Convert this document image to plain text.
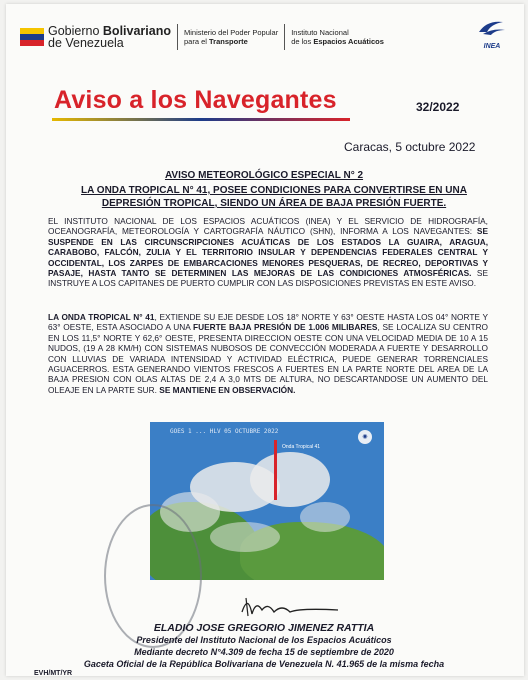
Gobierno Bolivariano
de Venezuela
Ministerio del Poder Popular
para el Transporte
Instituto Nacional
de los Espacios Acuáticos
INEA
Aviso a los Navegantes	32/2022
Caracas, 5 octubre 2022
AVISO METEOROLÓGICO ESPECIAL N° 2
LA ONDA TROPICAL N° 41, POSEE CONDICIONES PARA CONVERTIRSE EN UNA DEPRESIÓN TROPICAL, SIENDO UN ÁREA DE BAJA PRESIÓN FUERTE.
EL INSTITUTO NACIONAL DE LOS ESPACIOS ACUÁTICOS (INEA) Y EL SERVICIO DE HIDROGRAFÍA, OCEANOGRAFÍA, METEOROLOGÍA Y CARTOGRAFÍA NÁUTICO (SHN), INFORMA A LOS NAVEGANTES: SE SUSPENDE EN LAS CIRCUNSCRIPCIONES ACUÁTICAS DE LOS ESTADOS LA GUAIRA, ARAGUA, CARABOBO, FALCÓN, ZULIA Y EL TERRITORIO INSULAR Y DEPENDENCIAS FEDERALES CENTRAL Y OCCIDENTAL, LOS ZARPES DE EMBARCACIONES MENORES PESQUERAS, DE RECREO, DEPORTIVAS Y PASAJE, HASTA TANTO SE DETERMINEN LAS MEJORAS DE LAS CONDICIONES ATMOSFÉRICAS. SE INSTRUYE A LOS CAPITANES DE PUERTO CUMPLIR CON LAS DISPOSICIONES PREVISTAS EN ESTE AVISO.
LA ONDA TROPICAL N° 41, EXTIENDE SU EJE DESDE LOS 18° NORTE Y 63° OESTE HASTA LOS 04° NORTE Y 63° OESTE, ESTA ASOCIADO A UNA FUERTE BAJA PRESIÓN DE 1.006 MILIBARES, SE LOCALIZA SU CENTRO EN LOS 11,5° NORTE Y 62,6° OESTE, PRESENTA DIRECCION OESTE CON UNA VELOCIDAD MEDIA DE 10 A 15 NUDOS, (19 A 28 KM/H) CON SISTEMAS NUBOSOS DE CONVECCIÓN MODERADA A FUERTE Y DESARROLLO CON LLUVIAS DE VARIADA INTENSIDAD Y ACTIVIDAD ELÉCTRICA, PUEDE GENERAR TORRENCIALES AGUACERROS. ESTA GENERANDO VIENTOS FRESCOS A FUERTES EN LA PARTE NORTE DEL AREA DE LA BAJA PRESION CON OLAS ALTAS DE 2,4 A 3,0 MTS DE ALTURA, NO DESCARTANDOSE UN AUMENTO DEL OLEAJE EN LA PARTE SUR. SE MANTIENE EN OBSERVACIÓN.
GOES 1 ... HLV 05 OCTUBRE 2022
Onda Tropical 41
◉
ELADIO JOSE GREGORIO JIMENEZ RATTIA
Presidente del Instituto Nacional de los Espacios Acuáticos
Mediante decreto N°4.309 de fecha 15 de septiembre de 2020
Gaceta Oficial de la República Bolivariana de Venezuela N. 41.965 de la misma fecha
EVH/MT/YR
